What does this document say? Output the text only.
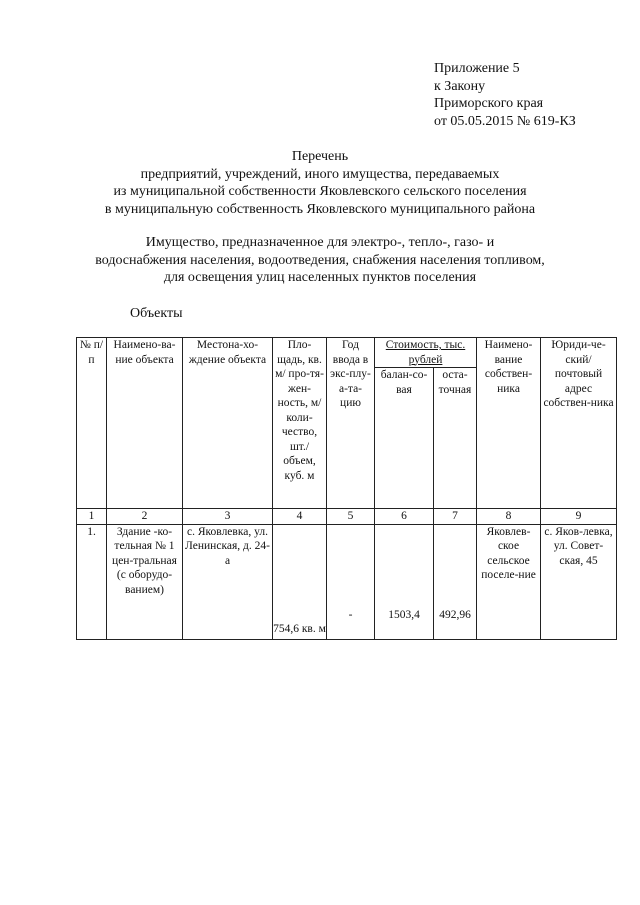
Приложение 5
к Закону
Приморского края
от 05.05.2015 № 619-КЗ
Перечень
предприятий, учреждений, иного имущества, передаваемых
из муниципальной собственности Яковлевского сельского поселения
в муниципальную собственность Яковлевского муниципального района
Имущество, предназначенное для электро-, тепло-, газо- и
водоснабжения населения, водоотведения, снабжения населения топливом,
для освещения улиц населенных пунктов поселения
Объекты
№ п/п	Наимено-ва-ние объекта	Местона-хо-ждение объекта	Пло-щадь, кв. м/ про-тя-жен-ность, м/ коли-чество, шт./ объем, куб. м	Год ввода в экс-плу-а-та-цию	Стоимость, тыс. рублей		Наимено-вание собствен-ника	Юриди-че-ский/ почтовый адрес собствен-ника
					балан-со-вая	оста-точная		
1	2	3	4	5	6	7	8	9
1.	Здание -ко-тельная № 1 цен-тральная (с оборудо-ванием)	с. Яковлевка, ул. Ленинская, д. 24-а	754,6 кв. м	-	1503,4	492,96	Яковлев-ское сельское поселе-ние	с. Яков-левка, ул. Совет-ская, 45
